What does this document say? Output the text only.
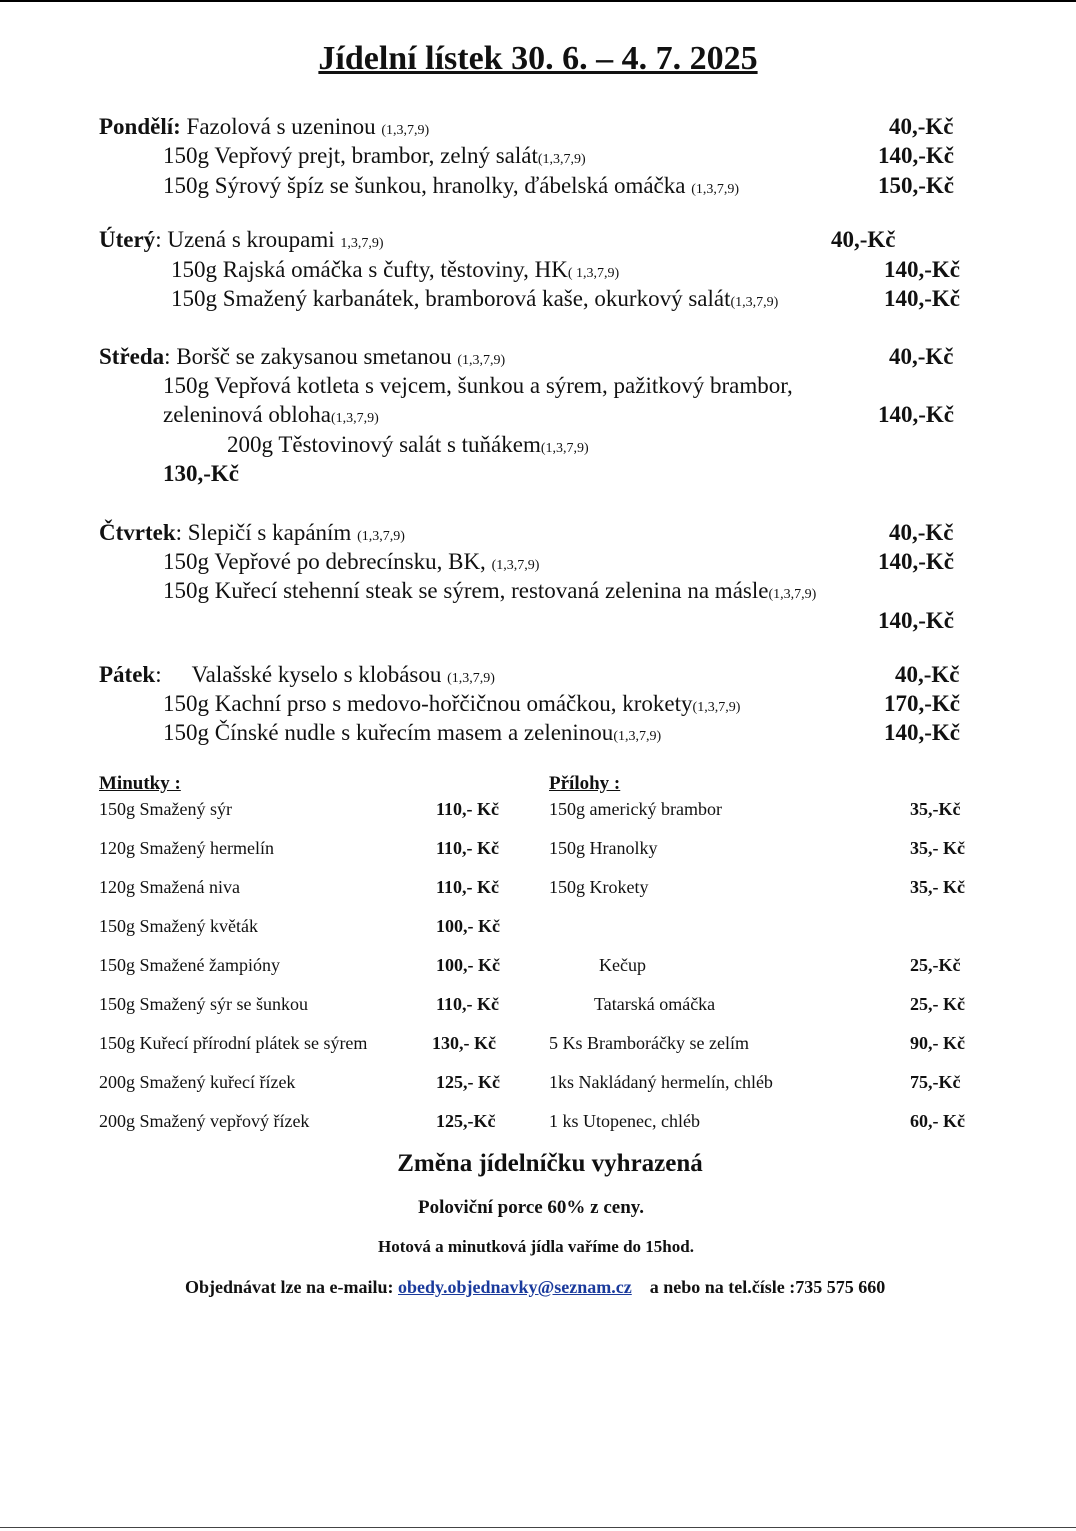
Jídelní lístek 30. 6. – 4. 7. 2025
Pondělí: Fazolová s uzeninou (1,3,7,9)	40,-Kč
150g Vepřový prejt, brambor, zelný salát(1,3,7,9)	140,-Kč
150g Sýrový špíz se šunkou, hranolky, ďábelská omáčka (1,3,7,9)	150,-Kč
Úterý: Uzená s kroupami 1,3,7,9)	40,-Kč
150g Rajská omáčka s čufty, těstoviny, HK( 1,3,7,9)	140,-Kč
150g Smažený karbanátek, bramborová kaše, okurkový salát(1,3,7,9)	140,-Kč
Středa: Boršč se zakysanou smetanou (1,3,7,9)	40,-Kč
150g Vepřová kotleta s vejcem, šunkou a sýrem, pažitkový brambor,
zeleninová obloha(1,3,7,9)	140,-Kč
200g Těstovinový salát s tuňákem(1,3,7,9)
130,-Kč
Čtvrtek: Slepičí s kapáním (1,3,7,9)	40,-Kč
150g Vepřové po debrecínsku, BK, (1,3,7,9)	140,-Kč
150g Kuřecí stehenní steak se sýrem, restovaná zelenina na másle(1,3,7,9)
140,-Kč
Pátek: Valašské kyselo s klobásou (1,3,7,9)	40,-Kč
150g Kachní prso s medovo-hořčičnou omáčkou, krokety(1,3,7,9)	170,-Kč
150g Čínské nudle s kuřecím masem a zeleninou(1,3,7,9)	140,-Kč
Minutky :
150g Smažený sýr	110,- Kč
120g Smažený hermelín	110,- Kč
120g Smažená niva	110,- Kč
150g Smažený květák	100,- Kč
150g Smažené žampióny	100,- Kč
150g Smažený sýr se šunkou	110,- Kč
150g Kuřecí přírodní plátek se sýrem	130,- Kč
200g Smažený kuřecí řízek	125,- Kč
200g Smažený vepřový řízek	125,-Kč
Přílohy :
150g americký brambor	35,-Kč
150g Hranolky	35,- Kč
150g Krokety	35,- Kč
Kečup	25,-Kč
Tatarská omáčka	25,- Kč
5 Ks Bramboráčky se zelím	90,- Kč
1ks Nakládaný hermelín, chléb	75,-Kč
1 ks Utopenec, chléb	60,- Kč
Změna jídelníčku vyhrazená
Poloviční porce 60% z ceny.
Hotová a minutková jídla vaříme do 15hod.
Objednávat lze na e-mailu: obedy.objednavky@seznam.cz a nebo na tel.čísle :735 575 660
